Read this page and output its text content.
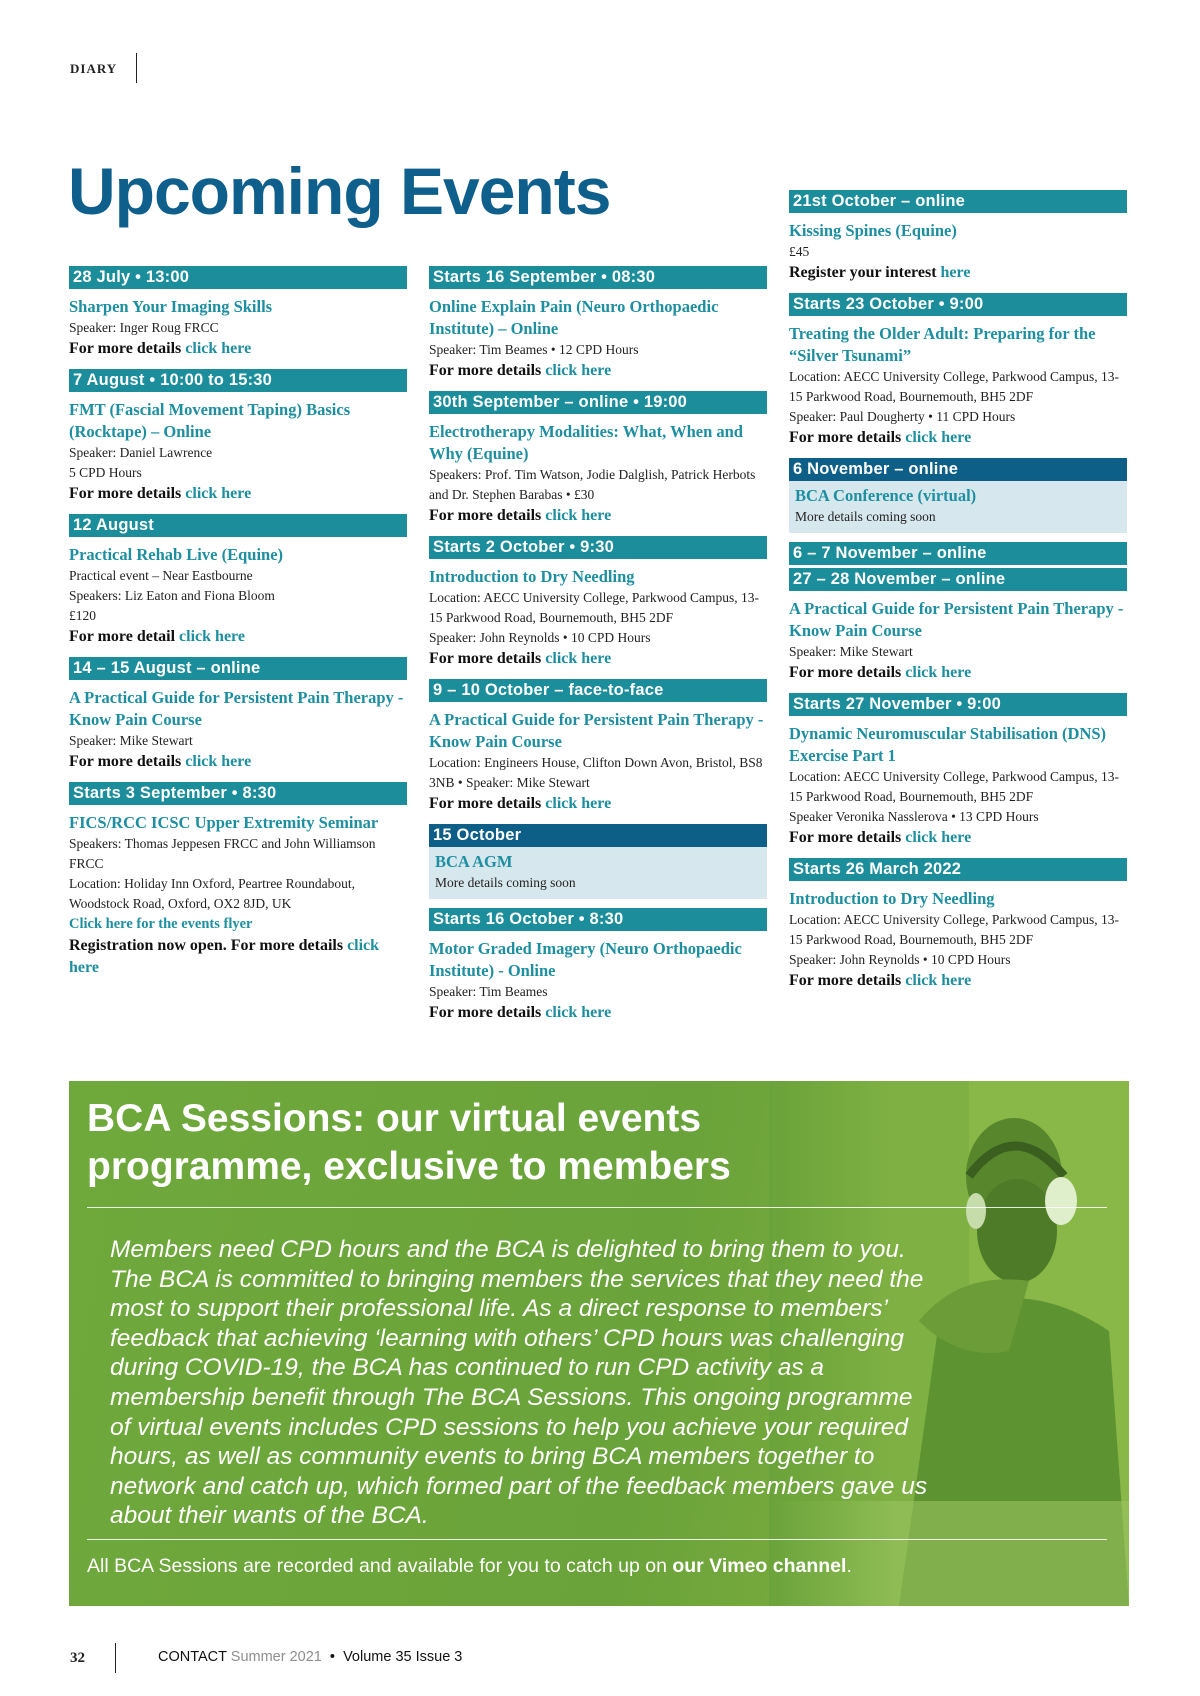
DIARY
Upcoming Events
28 July • 13:00
Sharpen Your Imaging Skills
Speaker: Inger Roug FRCC
For more details click here
7 August • 10:00 to 15:30
FMT (Fascial Movement Taping) Basics (Rocktape) – Online
Speaker: Daniel Lawrence
5 CPD Hours
For more details click here
12 August
Practical Rehab Live (Equine)
Practical event – Near Eastbourne
Speakers: Liz Eaton and Fiona Bloom
£120
For more detail click here
14 – 15 August – online
A Practical Guide for Persistent Pain Therapy - Know Pain Course
Speaker: Mike Stewart
For more details click here
Starts 3 September • 8:30
FICS/RCC ICSC Upper Extremity Seminar
Speakers: Thomas Jeppesen FRCC and John Williamson FRCC
Location: Holiday Inn Oxford, Peartree Roundabout, Woodstock Road, Oxford, OX2 8JD, UK
Click here for the events flyer
Registration now open. For more details click here
Starts 16 September • 08:30
Online Explain Pain (Neuro Orthopaedic Institute) – Online
Speaker: Tim Beames • 12 CPD Hours
For more details click here
30th September – online • 19:00
Electrotherapy Modalities: What, When and Why (Equine)
Speakers: Prof. Tim Watson, Jodie Dalglish, Patrick Herbots and Dr. Stephen Barabas • £30
For more details click here
Starts 2 October • 9:30
Introduction to Dry Needling
Location: AECC University College, Parkwood Campus, 13-15 Parkwood Road, Bournemouth, BH5 2DF
Speaker: John Reynolds • 10 CPD Hours
For more details click here
9 – 10 October – face-to-face
A Practical Guide for Persistent Pain Therapy - Know Pain Course
Location: Engineers House, Clifton Down Avon, Bristol, BS8 3NB • Speaker: Mike Stewart
For more details click here
15 October
BCA AGM
More details coming soon
Starts 16 October • 8:30
Motor Graded Imagery (Neuro Orthopaedic Institute) - Online
Speaker: Tim Beames
For more details click here
21st October – online
Kissing Spines (Equine)
£45
Register your interest here
Starts 23 October • 9:00
Treating the Older Adult: Preparing for the “Silver Tsunami”
Location: AECC University College, Parkwood Campus, 13-15 Parkwood Road, Bournemouth, BH5 2DF
Speaker: Paul Dougherty • 11 CPD Hours
For more details click here
6 November – online
BCA Conference (virtual)
More details coming soon
6 – 7 November – online
27 – 28 November – online
A Practical Guide for Persistent Pain Therapy - Know Pain Course
Speaker: Mike Stewart
For more details click here
Starts 27 November • 9:00
Dynamic Neuromuscular Stabilisation (DNS) Exercise Part 1
Location: AECC University College, Parkwood Campus, 13-15 Parkwood Road, Bournemouth, BH5 2DF
Speaker Veronika Nasslerova • 13 CPD Hours
For more details click here
Starts 26 March 2022
Introduction to Dry Needling
Location: AECC University College, Parkwood Campus, 13-15 Parkwood Road, Bournemouth, BH5 2DF
Speaker: John Reynolds • 10 CPD Hours
For more details click here
BCA Sessions: our virtual events programme, exclusive to members
Members need CPD hours and the BCA is delighted to bring them to you. The BCA is committed to bringing members the services that they need the most to support their professional life. As a direct response to members’ feedback that achieving ‘learning with others’ CPD hours was challenging during COVID-19, the BCA has continued to run CPD activity as a membership benefit through The BCA Sessions. This ongoing programme of virtual events includes CPD sessions to help you achieve your required hours, as well as community events to bring BCA members together to network and catch up, which formed part of the feedback members gave us about their wants of the BCA.
All BCA Sessions are recorded and available for you to catch up on our Vimeo channel.
32	CONTACT Summer 2021 • Volume 35 Issue 3
